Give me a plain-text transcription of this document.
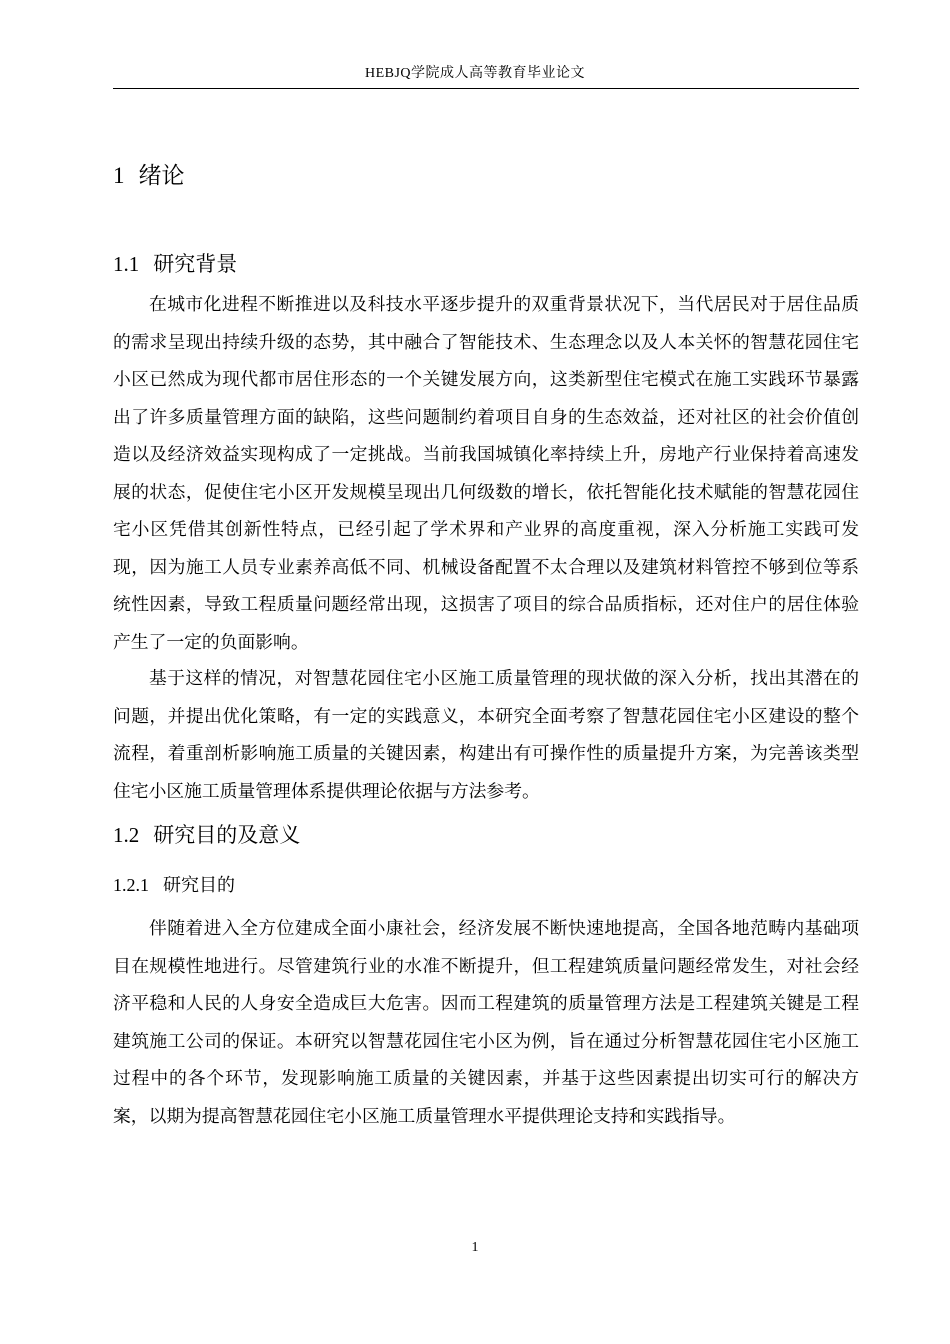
HEBJQ学院成人高等教育毕业论文
1 绪论
1.1 研究背景

在城市化进程不断推进以及科技水平逐步提升的双重背景状况下，当代居民对于居住品质的需求呈现出持续升级的态势，其中融合了智能技术、生态理念以及人本关怀的智慧花园住宅小区已然成为现代都市居住形态的一个关键发展方向，这类新型住宅模式在施工实践环节暴露出了许多质量管理方面的缺陷，这些问题制约着项目自身的生态效益，还对社区的社会价值创造以及经济效益实现构成了一定挑战。当前我国城镇化率持续上升，房地产行业保持着高速发展的状态，促使住宅小区开发规模呈现出几何级数的增长，依托智能化技术赋能的智慧花园住宅小区凭借其创新性特点，已经引起了学术界和产业界的高度重视，深入分析施工实践可发现，因为施工人员专业素养高低不同、机械设备配置不太合理以及建筑材料管控不够到位等系统性因素，导致工程质量问题经常出现，这损害了项目的综合品质指标，还对住户的居住体验产生了一定的负面影响。

基于这样的情况，对智慧花园住宅小区施工质量管理的现状做的深入分析，找出其潜在的问题，并提出优化策略，有一定的实践意义，本研究全面考察了智慧花园住宅小区建设的整个流程，着重剖析影响施工质量的关键因素，构建出有可操作性的质量提升方案，为完善该类型住宅小区施工质量管理体系提供理论依据与方法参考。

1.2 研究目的及意义
1.2.1 研究目的

伴随着进入全方位建成全面小康社会，经济发展不断快速地提高，全国各地范畴内基础项目在规模性地进行。尽管建筑行业的水准不断提升，但工程建筑质量问题经常发生，对社会经济平稳和人民的人身安全造成巨大危害。因而工程建筑的质量管理方法是工程建筑关键是工程建筑施工公司的保证。本研究以智慧花园住宅小区为例，旨在通过分析智慧花园住宅小区施工过程中的各个环节，发现影响施工质量的关键因素，并基于这些因素提出切实可行的解决方案，以期为提高智慧花园住宅小区施工质量管理水平提供理论支持和实践指导。

1
